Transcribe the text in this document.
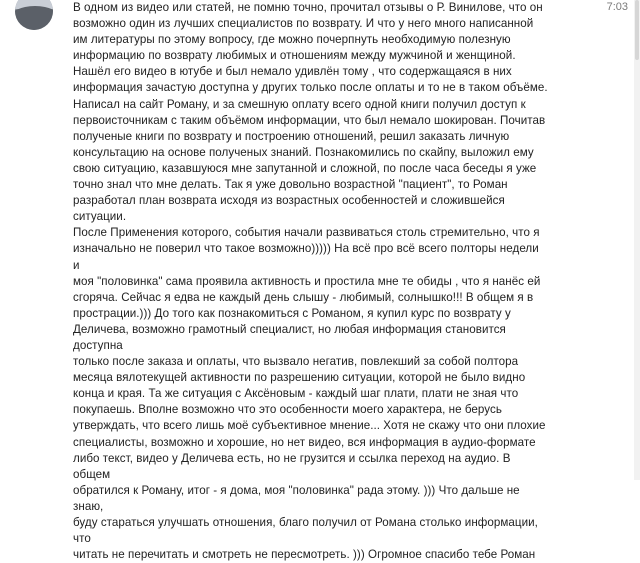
В одном из видео или статей, не помню точно, прочитал отзывы о Р. Винилове, что он
возможно один из лучших специалистов по возврату. И что у него много написанной
им литературы по этому вопросу, где можно почерпнуть необходимую полезную
информацию по возврату любимых и отношениям между мужчиной и женщиной.
Нашёл его видео в ютубе и был немало удивлён тому , что содержащаяся в них
информация зачастую доступна у других только после оплаты и то не в таком объёме.
Написал на сайт Роману, и за смешную оплату всего одной книги получил доступ к
первоисточникам с таким объёмом информации, что был немало шокирован. Почитав
полученые книги по возврату и построению отношений, решил заказать личную
консультацию на основе полученых знаний. Познакомились по скайпу, выложил ему
свою ситуацию, казавшуюся мне запутанной и сложной, по после часа беседы я уже
точно знал что мне делать. Так я уже довольно возрастной "пациент", то Роман
разработал план возврата исходя из возрастных особенностей и сложившейся ситуации.
После Применения которого, события начали развиваться столь стремительно, что я
изначально не поверил что такое возможно))))) На всё про всё всего полторы недели и
моя "половинка" сама проявила активность и простила мне те обиды , что я нанёс ей
сгоряча. Сейчас я едва не каждый день слышу - любимый, солнышко!!! В общем я в
прострации.))) До того как познакомиться с Романом, я купил курс по возврату у
Деличева, возможно грамотный специалист, но любая информация становится доступна
только после заказа и оплаты, что вызвало негатив, повлекший за собой полтора
месяца вялотекущей активности по разрешению ситуации, которой не было видно
конца и края. Та же ситуация с Аксёновым - каждый шаг плати, плати не зная что
покупаешь. Вполне возможно что это особенности моего характера, не берусь
утверждать, что всего лишь моё субъективное мнение... Хотя не скажу что они плохие
специалисты, возможно и хорошие, но нет видео, вся информация в аудио-формате
либо текст, видео у Деличева есть, но не грузится и ссылка переход на аудио. В общем
обратился к Роману, итог - я дома, моя "половинка" рада этому. ))) Что дальше не знаю,
буду стараться улучшать отношения, благо получил от Романа столько информации, что
читать не перечитать и смотреть не пересмотреть. ))) Огромное спасибо тебе Роман
7:03
